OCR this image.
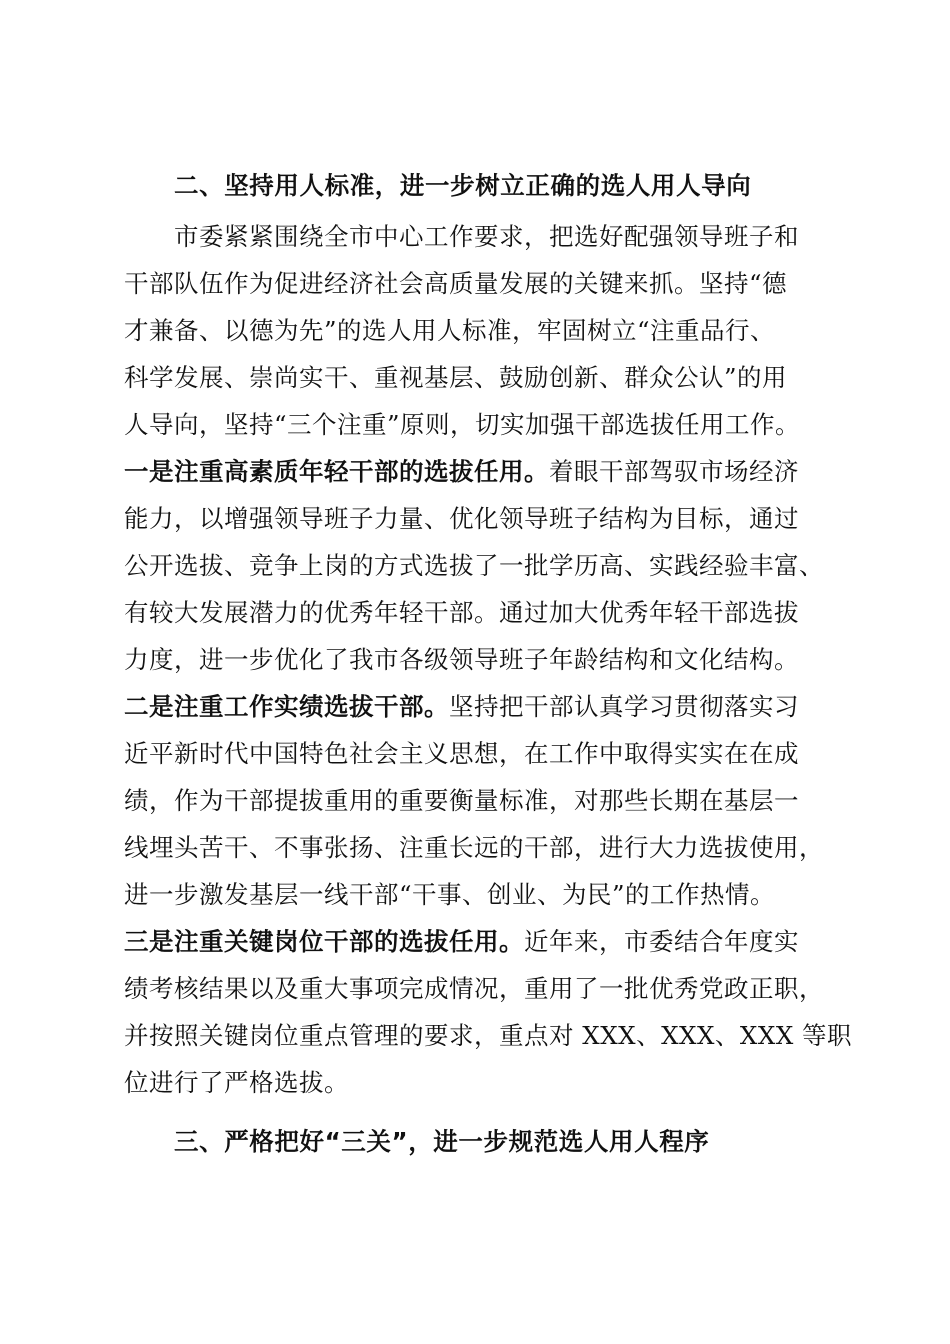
二、坚持用人标准，进一步树立正确的选人用人导向
市委紧紧围绕全市中心工作要求，把选好配强领导班子和
干部队伍作为促进经济社会高质量发展的关键来抓。坚持“德
才兼备、以德为先”的选人用人标准，牢固树立“注重品行、
科学发展、崇尚实干、重视基层、鼓励创新、群众公认”的用
人导向，坚持“三个注重”原则，切实加强干部选拔任用工作。
一是注重高素质年轻干部的选拔任用。着眼干部驾驭市场经济
能力，以增强领导班子力量、优化领导班子结构为目标，通过
公开选拔、竞争上岗的方式选拔了一批学历高、实践经验丰富、
有较大发展潜力的优秀年轻干部。通过加大优秀年轻干部选拔
力度，进一步优化了我市各级领导班子年龄结构和文化结构。
二是注重工作实绩选拔干部。坚持把干部认真学习贯彻落实习
近平新时代中国特色社会主义思想，在工作中取得实实在在成
绩，作为干部提拔重用的重要衡量标准，对那些长期在基层一
线埋头苦干、不事张扬、注重长远的干部，进行大力选拔使用，
进一步激发基层一线干部“干事、创业、为民”的工作热情。
三是注重关键岗位干部的选拔任用。近年来，市委结合年度实
绩考核结果以及重大事项完成情况，重用了一批优秀党政正职，
并按照关键岗位重点管理的要求，重点对 XXX、XXX、XXX 等职
位进行了严格选拔。
三、严格把好“三关”，进一步规范选人用人程序
